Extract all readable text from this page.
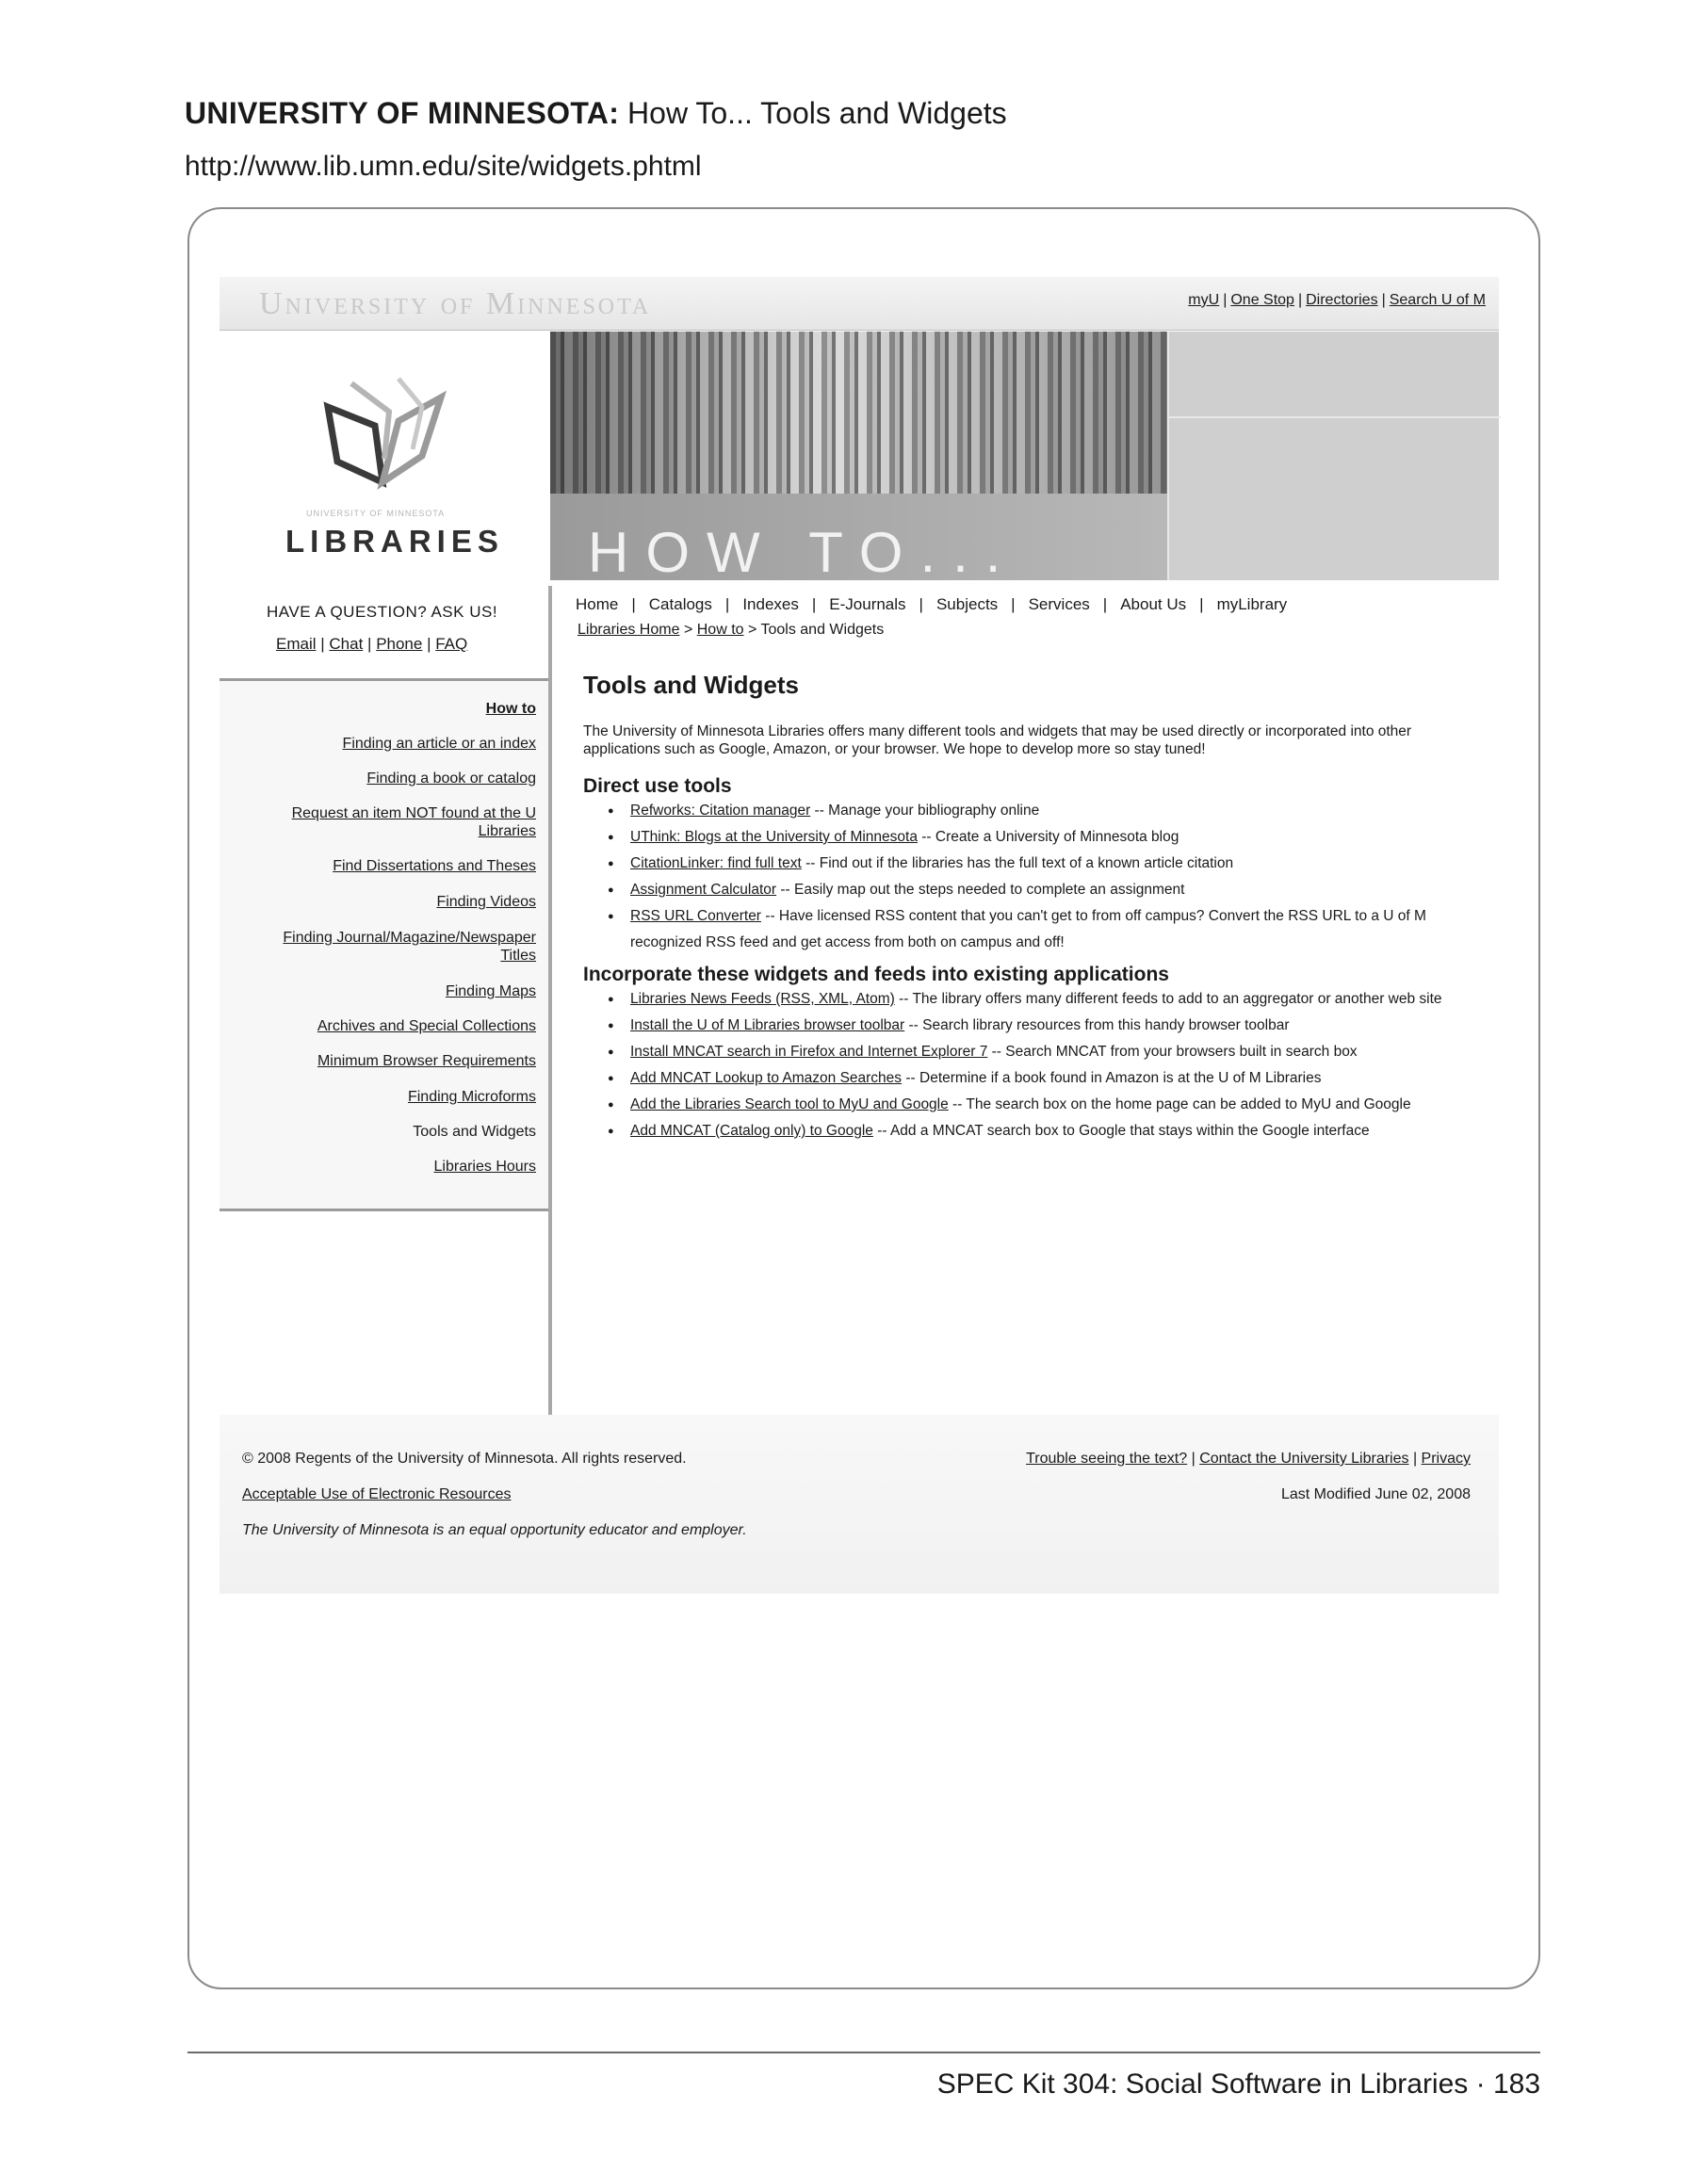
UNIVERSITY OF MINNESOTA: How To... Tools and Widgets
http://www.lib.umn.edu/site/widgets.phtml
University of Minnesota	myU | One Stop | Directories | Search U of M
UNIVERSITY OF MINNESOTA
LIBRARIES HOW TO...
HAVE A QUESTION? ASK US!
Email | Chat | Phone | FAQ
How to
Finding an article or an index
Finding a book or catalog
Request an item NOT found at the U Libraries
Find Dissertations and Theses
Finding Videos
Finding Journal/Magazine/Newspaper Titles
Finding Maps
Archives and Special Collections
Minimum Browser Requirements
Finding Microforms
Tools and Widgets
Libraries Hours
Home | Catalogs | Indexes | E-Journals | Subjects | Services | About Us | myLibrary
Libraries Home > How to > Tools and Widgets
Tools and Widgets

The University of Minnesota Libraries offers many different tools and widgets that may be used directly or incorporated into other applications such as Google, Amazon, or your browser. We hope to develop more so stay tuned!

Direct use tools
● Refworks: Citation manager -- Manage your bibliography online
● UThink: Blogs at the University of Minnesota -- Create a University of Minnesota blog
● CitationLinker: find full text -- Find out if the libraries has the full text of a known article citation
● Assignment Calculator -- Easily map out the steps needed to complete an assignment
● RSS URL Converter -- Have licensed RSS content that you can't get to from off campus? Convert the RSS URL to a U of M recognized RSS feed and get access from both on campus and off!
Incorporate these widgets and feeds into existing applications
● Libraries News Feeds (RSS, XML, Atom) -- The library offers many different feeds to add to an aggregator or another web site
● Install the U of M Libraries browser toolbar -- Search library resources from this handy browser toolbar
● Install MNCAT search in Firefox and Internet Explorer 7 -- Search MNCAT from your browsers built in search box
● Add MNCAT Lookup to Amazon Searches -- Determine if a book found in Amazon is at the U of M Libraries
● Add the Libraries Search tool to MyU and Google -- The search box on the home page can be added to MyU and Google
● Add MNCAT (Catalog only) to Google -- Add a MNCAT search box to Google that stays within the Google interface
© 2008 Regents of the University of Minnesota. All rights reserved.
Acceptable Use of Electronic Resources
The University of Minnesota is an equal opportunity educator and employer.
Trouble seeing the text? | Contact the University Libraries | Privacy
Last Modified June 02, 2008
SPEC Kit 304: Social Software in Libraries · 183
